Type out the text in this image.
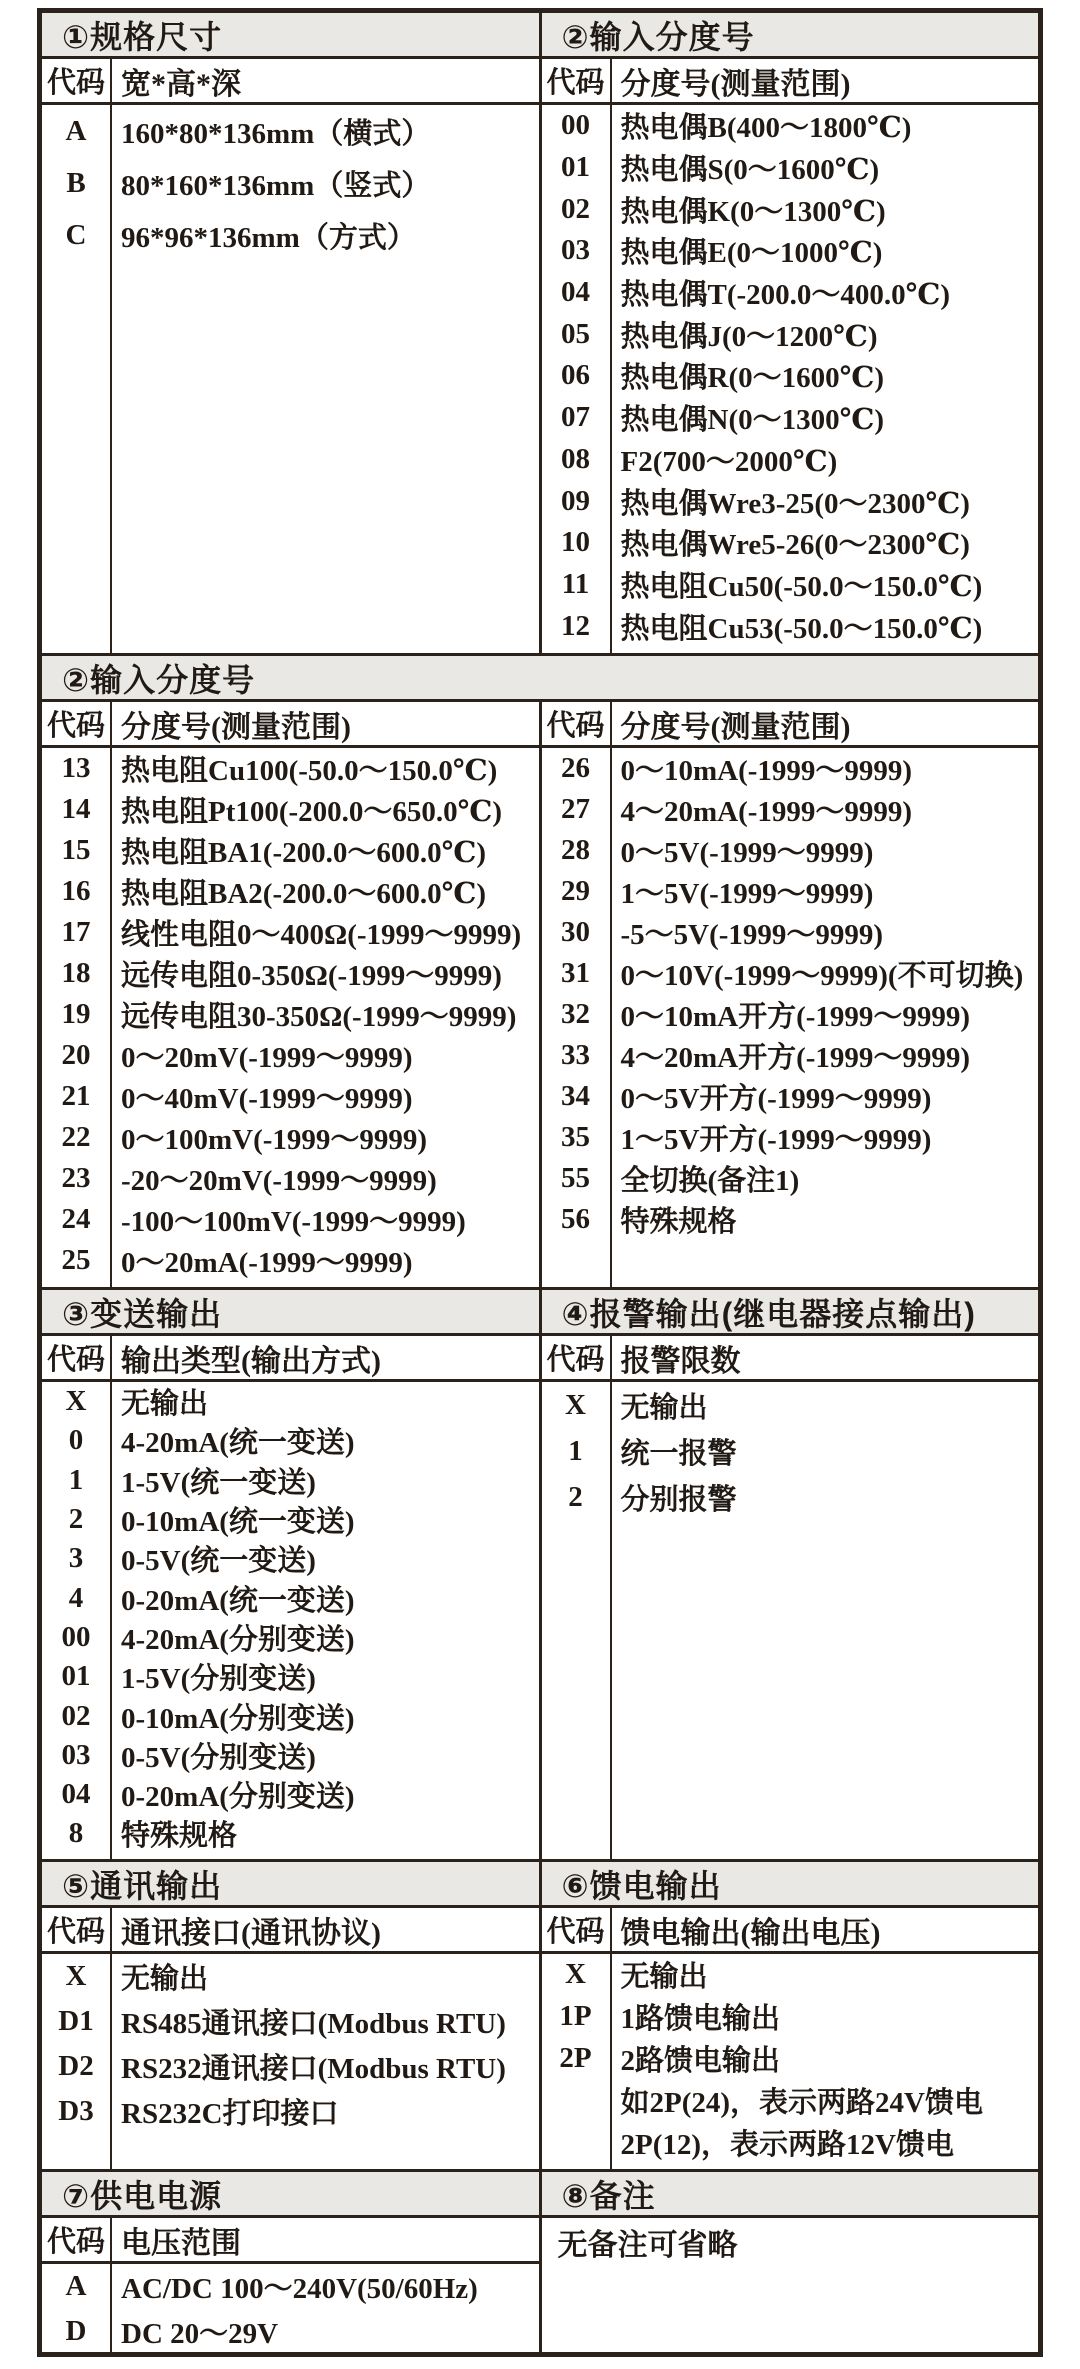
①规格尺寸
代码 宽*高*深
A	160*80*136mm（横式）
B	80*160*136mm（竖式）
C	96*96*136mm（方式）
②输入分度号
代码 分度号(测量范围)
00	热电偶B(400～1800℃)
01	热电偶S(0～1600℃)
02	热电偶K(0～1300℃)
03	热电偶E(0～1000℃)
04	热电偶T(-200.0～400.0℃)
05	热电偶J(0～1200℃)
06	热电偶R(0～1600℃)
07	热电偶N(0～1300℃)
08	F2(700～2000℃)
09	热电偶Wre3-25(0～2300℃)
10	热电偶Wre5-26(0～2300℃)
11	热电阻Cu50(-50.0～150.0℃)
12	热电阻Cu53(-50.0～150.0℃)
②输入分度号
代码 分度号(测量范围)
13	热电阻Cu100(-50.0～150.0℃)
14	热电阻Pt100(-200.0～650.0℃)
15	热电阻BA1(-200.0～600.0℃)
16	热电阻BA2(-200.0～600.0℃)
17	线性电阻0～400Ω(-1999～9999)
18	远传电阻0-350Ω(-1999～9999)
19	远传电阻30-350Ω(-1999～9999)
20	0～20mV(-1999～9999)
21	0～40mV(-1999～9999)
22	0～100mV(-1999～9999)
23	-20～20mV(-1999～9999)
24	-100～100mV(-1999～9999)
25	0～20mA(-1999～9999)
代码 分度号(测量范围)
26	0～10mA(-1999～9999)
27	4～20mA(-1999～9999)
28	0～5V(-1999～9999)
29	1～5V(-1999～9999)
30	-5～5V(-1999～9999)
31	0～10V(-1999～9999)(不可切换)
32	0～10mA开方(-1999～9999)
33	4～20mA开方(-1999～9999)
34	0～5V开方(-1999～9999)
35	1～5V开方(-1999～9999)
55	全切换(备注1)
56	特殊规格
③变送输出
代码 输出类型(输出方式)
X	无输出
0	4-20mA(统一变送)
1	1-5V(统一变送)
2	0-10mA(统一变送)
3	0-5V(统一变送)
4	0-20mA(统一变送)
00	4-20mA(分别变送)
01	1-5V(分别变送)
02	0-10mA(分别变送)
03	0-5V(分别变送)
04	0-20mA(分别变送)
8	特殊规格
④报警输出(继电器接点输出)
代码 报警限数
X	无输出
1	统一报警
2	分别报警
⑤通讯输出
代码 通讯接口(通讯协议)
X	无输出
D1 RS485通讯接口(Modbus RTU)
D2 RS232通讯接口(Modbus RTU)
D3 RS232C打印接口
⑥馈电输出
代码 馈电输出(输出电压)
X	无输出
1P 1路馈电输出
2P 2路馈电输出
如2P(24)，表示两路24V馈电
2P(12)，表示两路12V馈电
⑦供电电源
代码 电压范围
A	AC/DC 100～240V(50/60Hz)
D	DC 20～29V
⑧备注
无备注可省略
